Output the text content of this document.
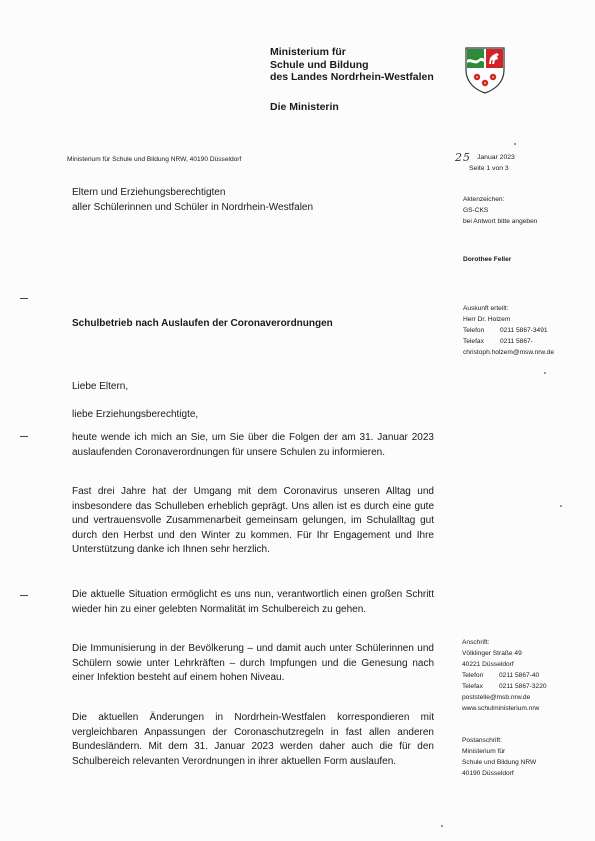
Ministerium für
Schule und Bildung
des Landes Nordrhein-Westfalen
Die Ministerin
Ministerium für Schule und Bildung NRW, 40190 Düsseldorf
Eltern und Erziehungsberechtigten
aller Schülerinnen und Schüler in Nordrhein-Westfalen
25 Januar 2023
Seite 1 von 3
Aktenzeichen:
GS-CKS
bei Antwort bitte angeben
Dorothee Feller
Auskunft erteilt:
Herr Dr. Holzem
Telefon	0211 5867-3491
Telefax	0211 5867-
christoph.holzem@msw.nrw.de
Schulbetrieb nach Auslaufen der Coronaverordnungen
Liebe Eltern,
liebe Erziehungsberechtigte,
heute wende ich mich an Sie, um Sie über die Folgen der am 31. Januar 2023 auslaufenden Coronaverordnungen für unsere Schulen zu informieren.
Fast drei Jahre hat der Umgang mit dem Coronavirus unseren Alltag und insbesondere das Schulleben erheblich geprägt. Uns allen ist es durch eine gute und vertrauensvolle Zusammenarbeit gemeinsam gelungen, im Schulalltag gut durch den Herbst und den Winter zu kommen. Für Ihr Engagement und Ihre Unterstützung danke ich Ihnen sehr herzlich.
Die aktuelle Situation ermöglicht es uns nun, verantwortlich einen großen Schritt wieder hin zu einer gelebten Normalität im Schulbereich zu gehen.
Die Immunisierung in der Bevölkerung – und damit auch unter Schülerinnen und Schülern sowie unter Lehrkräften – durch Impfungen und die Genesung nach einer Infektion besteht auf einem hohen Niveau.
Die aktuellen Änderungen in Nordrhein-Westfalen korrespondieren mit vergleichbaren Anpassungen der Coronaschutzregeln in fast allen anderen Bundesländern. Mit dem 31. Januar 2023 werden daher auch die für den Schulbereich relevanten Verordnungen in ihrer aktuellen Form auslaufen.
Anschrift:
Völklinger Straße 49
40221 Düsseldorf
Telefon	0211 5867-40
Telefax	0211 5867-3220
poststelle@msb.nrw.de
www.schulministerium.nrw
Postanschrift:
Ministerium für
Schule und Bildung NRW
40190 Düsseldorf
